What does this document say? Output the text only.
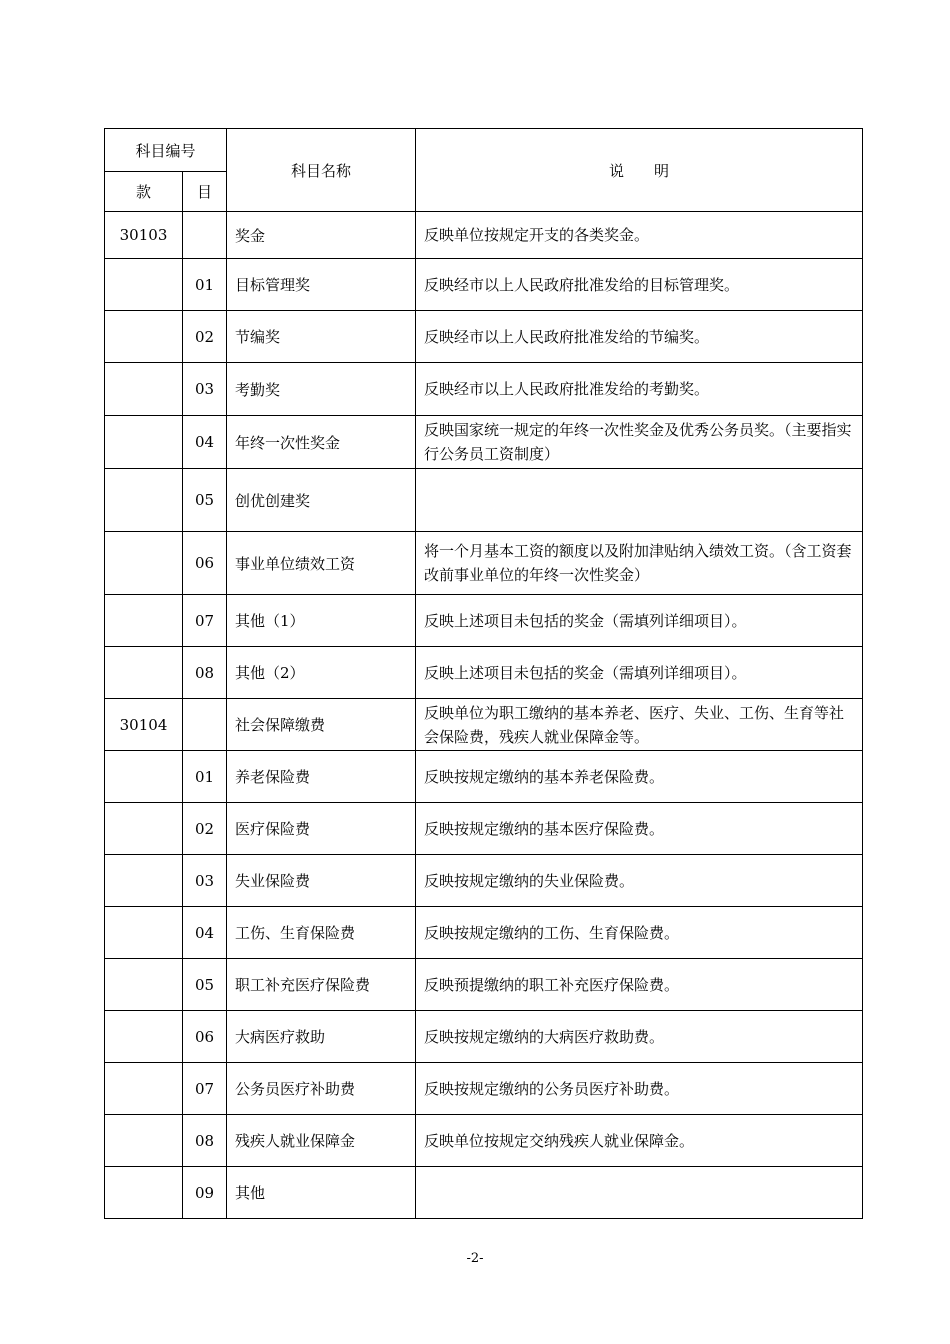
科目编号		科目名称	说　　明
款	目		
30103		奖金	反映单位按规定开支的各类奖金。
	01	目标管理奖	反映经市以上人民政府批准发给的目标管理奖。
	02	节编奖	反映经市以上人民政府批准发给的节编奖。
	03	考勤奖	反映经市以上人民政府批准发给的考勤奖。
	04	年终一次性奖金	反映国家统一规定的年终一次性奖金及优秀公务员奖。（主要指实行公务员工资制度）
	05	创优创建奖	
	06	事业单位绩效工资	将一个月基本工资的额度以及附加津贴纳入绩效工资。（含工资套改前事业单位的年终一次性奖金）
	07	其他（1）	反映上述项目未包括的奖金（需填列详细项目）。
	08	其他（2）	反映上述项目未包括的奖金（需填列详细项目）。
30104		社会保障缴费	反映单位为职工缴纳的基本养老、医疗、失业、工伤、生育等社会保险费，残疾人就业保障金等。
	01	养老保险费	反映按规定缴纳的基本养老保险费。
	02	医疗保险费	反映按规定缴纳的基本医疗保险费。
	03	失业保险费	反映按规定缴纳的失业保险费。
	04	工伤、生育保险费	反映按规定缴纳的工伤、生育保险费。
	05	职工补充医疗保险费	反映预提缴纳的职工补充医疗保险费。
	06	大病医疗救助	反映按规定缴纳的大病医疗救助费。
	07	公务员医疗补助费	反映按规定缴纳的公务员医疗补助费。
	08	残疾人就业保障金	反映单位按规定交纳残疾人就业保障金。
	09	其他	
-2-
